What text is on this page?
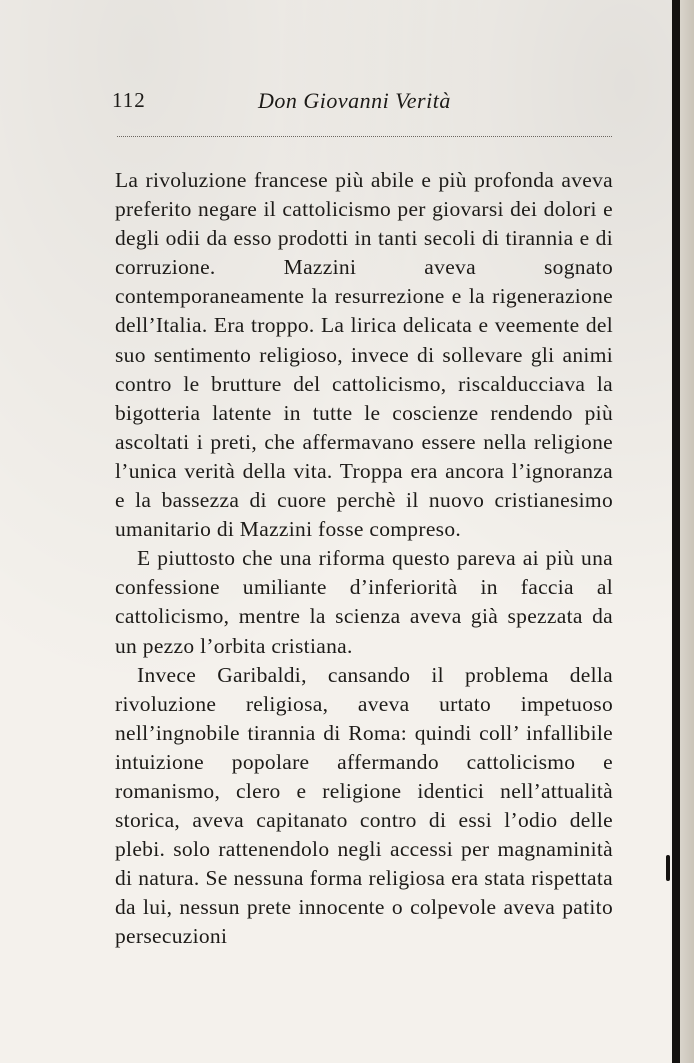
112	Don Giovanni Verità

La rivoluzione francese più abile e più profonda aveva preferito negare il cattolicismo per giovarsi dei dolori e degli odii da esso prodotti in tanti secoli di tirannia e di corruzione. Mazzini aveva sognato contemporaneamente la resurrezione e la rigenerazione dell’Italia. Era troppo. La lirica delicata e veemente del suo sentimento religioso, invece di sollevare gli animi contro le brutture del cattolicismo, riscalducciava la bigotteria latente in tutte le coscienze rendendo più ascoltati i preti, che affermavano essere nella religione l’unica verità della vita. Troppa era ancora l’ignoranza e la bassezza di cuore perchè il nuovo cristianesimo umanitario di Mazzini fosse compreso.

E piuttosto che una riforma questo pareva ai più una confessione umiliante d’inferiorità in faccia al cattolicismo, mentre la scienza aveva già spezzata da un pezzo l’orbita cristiana.

Invece Garibaldi, cansando il problema della rivoluzione religiosa, aveva urtato impetuoso nell’ingnobile tirannia di Roma: quindi coll’ infallibile intuizione popolare affermando cattolicismo e romanismo, clero e religione identici nell’attualità storica, aveva capitanato contro di essi l’odio delle plebi. solo rattenendolo negli accessi per magnaminità di natura. Se nessuna forma religiosa era stata rispettata da lui, nessun prete innocente o colpevole aveva patito persecuzioni
